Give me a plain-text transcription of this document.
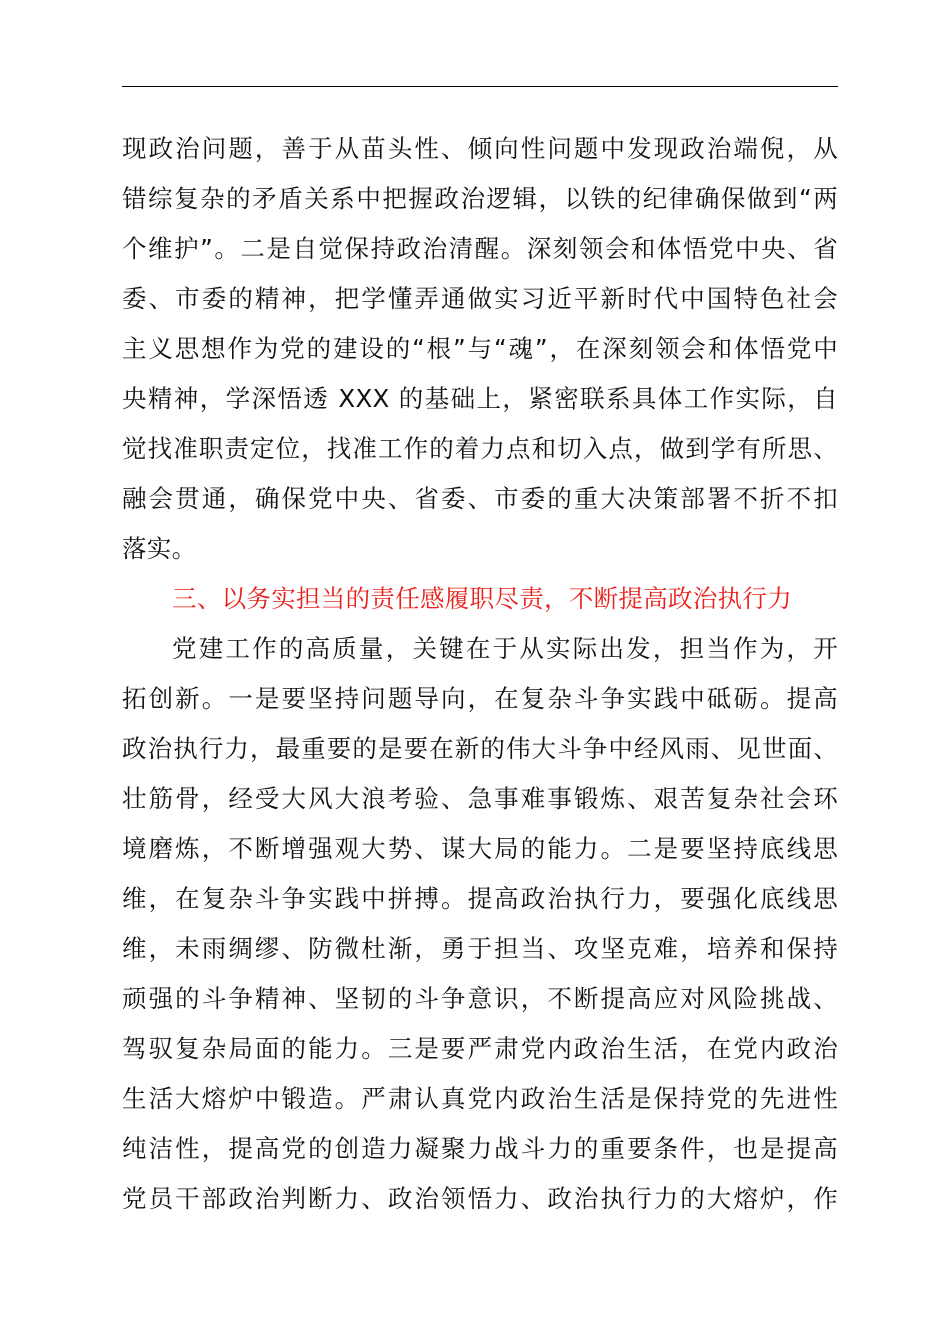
现政治问题，善于从苗头性、倾向性问题中发现政治端倪，从
错综复杂的矛盾关系中把握政治逻辑，以铁的纪律确保做到“两
个维护”。二是自觉保持政治清醒。深刻领会和体悟党中央、省
委、市委的精神，把学懂弄通做实习近平新时代中国特色社会
主义思想作为党的建设的“根”与“魂”，在深刻领会和体悟党中
央精神，学深悟透 XXX 的基础上，紧密联系具体工作实际，自
觉找准职责定位，找准工作的着力点和切入点，做到学有所思、
融会贯通，确保党中央、省委、市委的重大决策部署不折不扣
落实。
三、以务实担当的责任感履职尽责，不断提高政治执行力
党建工作的高质量，关键在于从实际出发，担当作为，开
拓创新。一是要坚持问题导向，在复杂斗争实践中砥砺。提高
政治执行力，最重要的是要在新的伟大斗争中经风雨、见世面、
壮筋骨，经受大风大浪考验、急事难事锻炼、艰苦复杂社会环
境磨炼，不断增强观大势、谋大局的能力。二是要坚持底线思
维，在复杂斗争实践中拼搏。提高政治执行力，要强化底线思
维，未雨绸缪、防微杜渐，勇于担当、攻坚克难，培养和保持
顽强的斗争精神、坚韧的斗争意识，不断提高应对风险挑战、
驾驭复杂局面的能力。三是要严肃党内政治生活，在党内政治
生活大熔炉中锻造。严肃认真党内政治生活是保持党的先进性
纯洁性，提高党的创造力凝聚力战斗力的重要条件，也是提高
党员干部政治判断力、政治领悟力、政治执行力的大熔炉，作
